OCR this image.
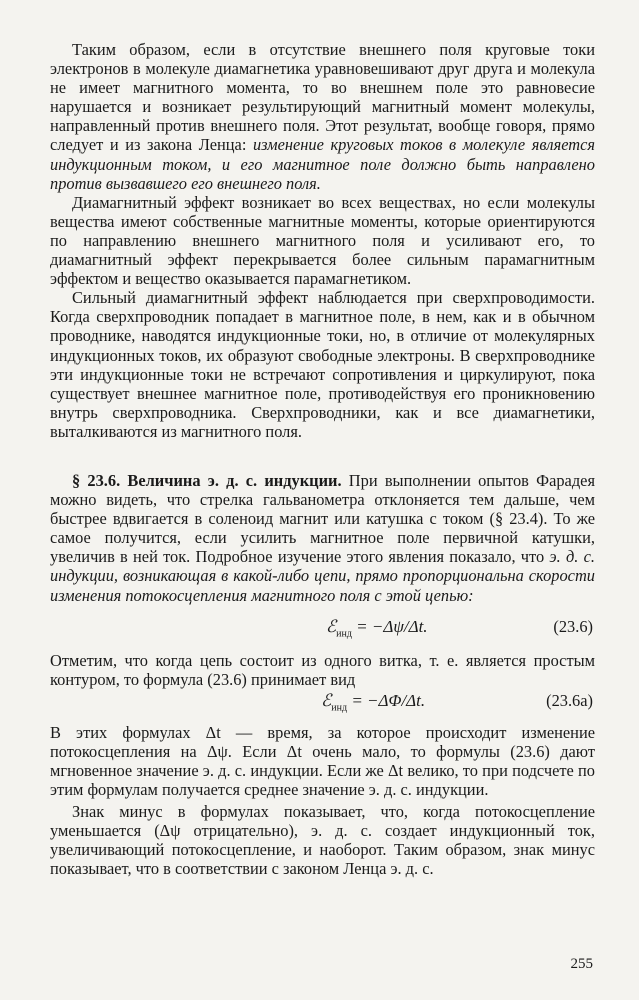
Таким образом, если в отсутствие внешнего поля круговые токи электронов в молекуле диамагнетика уравновешивают друг друга и молекула не имеет магнитного момента, то во внешнем поле это равновесие нарушается и возникает результирующий магнитный момент молекулы, направленный против внешнего поля. Этот результат, вообще говоря, прямо следует и из закона Ленца: изменение круговых токов в молекуле является индукционным током, и его магнитное поле должно быть направлено против вызвавшего его внешнего поля.

Диамагнитный эффект возникает во всех веществах, но если молекулы вещества имеют собственные магнитные моменты, которые ориентируются по направлению внешнего магнитного поля и усиливают его, то диамагнитный эффект перекрывается более сильным парамагнитным эффектом и вещество оказывается парамагнетиком.

Сильный диамагнитный эффект наблюдается при сверхпроводимости. Когда сверхпроводник попадает в магнитное поле, в нем, как и в обычном проводнике, наводятся индукционные токи, но, в отличие от молекулярных индукционных токов, их образуют свободные электроны. В сверхпроводнике эти индукционные токи не встречают сопротивления и циркулируют, пока существует внешнее магнитное поле, противодействуя его проникновению внутрь сверхпроводника. Сверхпроводники, как и все диамагнетики, выталкиваются из магнитного поля.

§ 23.6. Величина э. д. с. индукции. При выполнении опытов Фарадея можно видеть, что стрелка гальванометра отклоняется тем дальше, чем быстрее вдвигается в соленоид магнит или катушка с током (§ 23.4). То же самое получится, если усилить магнитное поле первичной катушки, увеличив в ней ток. Подробное изучение этого явления показало, что э. д. с. индукции, возникающая в какой-либо цепи, прямо пропорциональна скорости изменения потокосцепления магнитного поля с этой цепью:

ℰ$_{инд}$ = −Δψ/Δt.	(23.6)

Отметим, что когда цепь состоит из одного витка, т. е. является простым контуром, то формула (23.6) принимает вид

ℰ$_{инд}$ = −ΔΦ/Δt.	(23.6а)

В этих формулах Δt — время, за которое происходит изменение потокосцепления на Δψ. Если Δt очень мало, то формулы (23.6) дают мгновенное значение э. д. с. индукции. Если же Δt велико, то при подсчете по этим формулам получается среднее значение э. д. с. индукции.

Знак минус в формулах показывает, что, когда потокосцепление уменьшается (Δψ отрицательно), э. д. с. создает индукционный ток, увеличивающий потокосцепление, и наоборот. Таким образом, знак минус показывает, что в соответствии с законом Ленца э. д. с.

255
